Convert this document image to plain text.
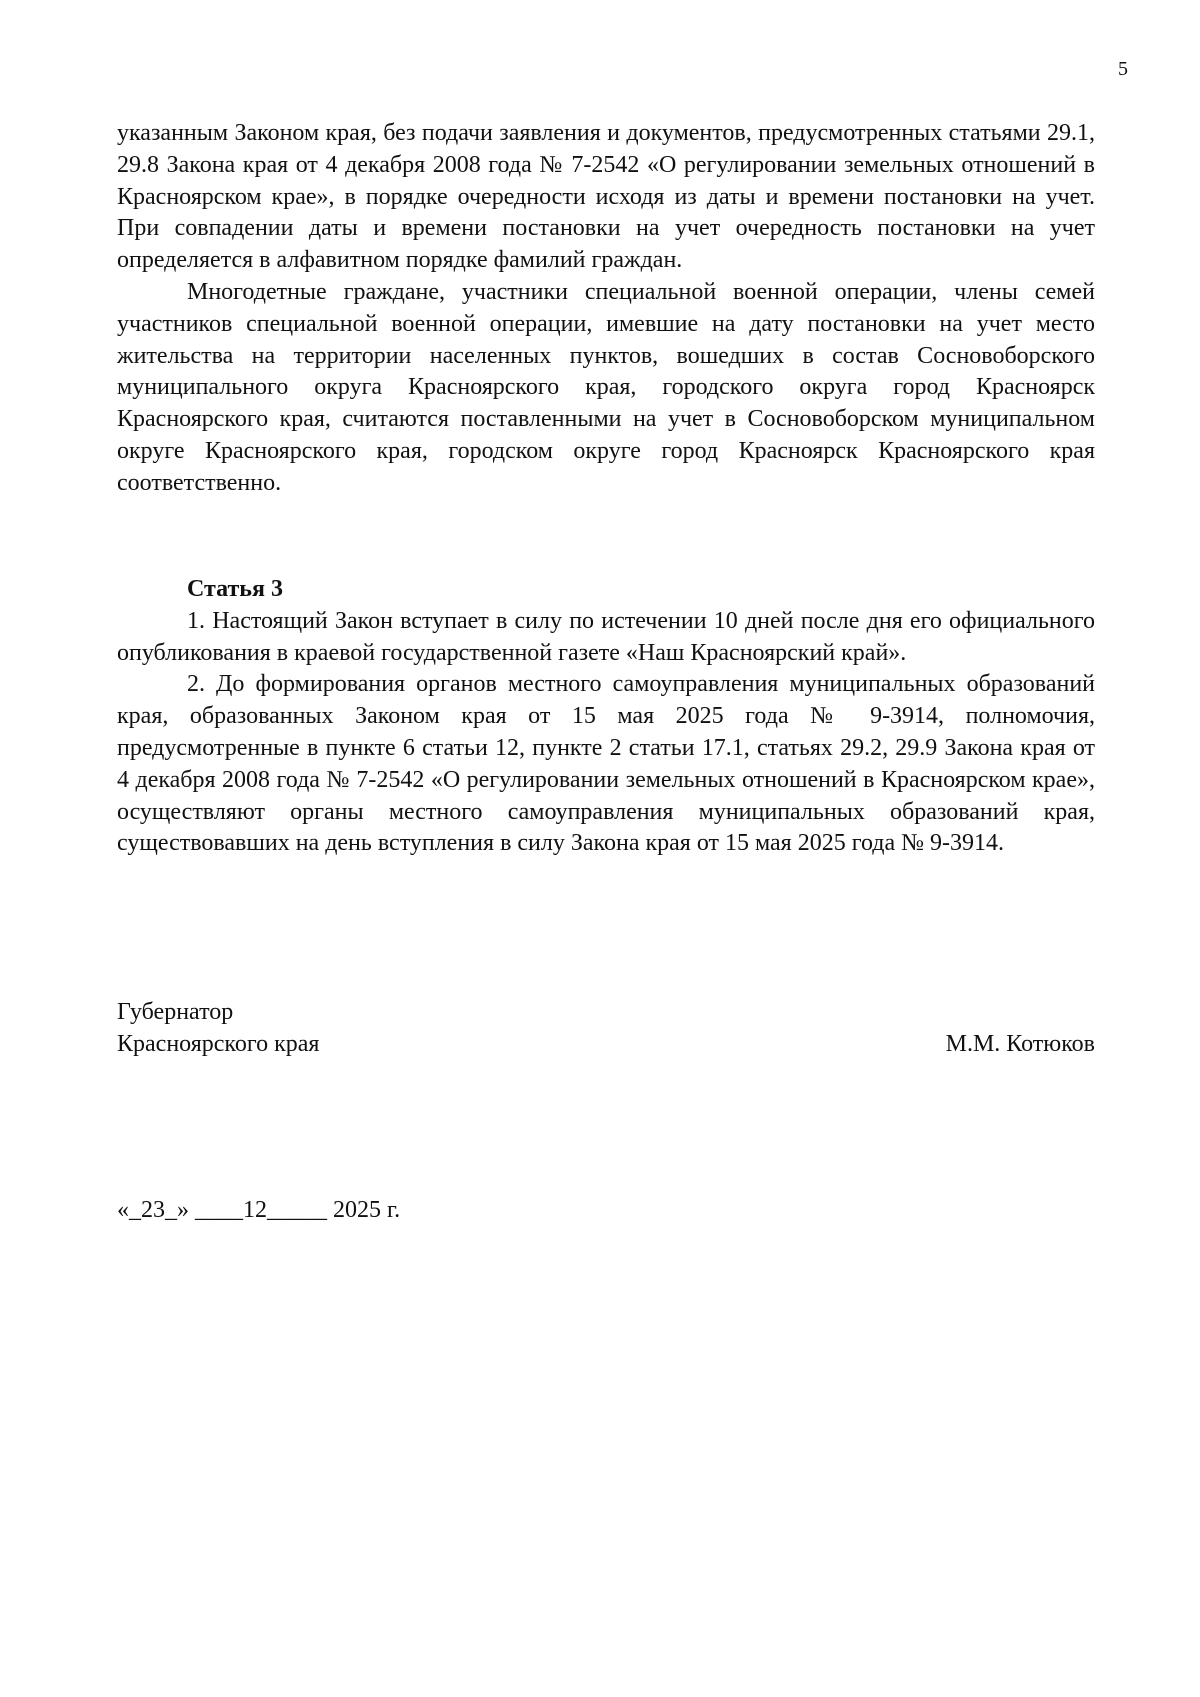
5

указанным Законом края, без подачи заявления и документов, предусмотренных статьями 29.1, 29.8 Закона края от 4 декабря 2008 года № 7-2542 «О регулировании земельных отношений в Красноярском крае», в порядке очередности исходя из даты и времени постановки на учет. При совпадении даты и времени постановки на учет очередность постановки на учет определяется в алфавитном порядке фамилий граждан.

Многодетные граждане, участники специальной военной операции, члены семей участников специальной военной операции, имевшие на дату постановки на учет место жительства на территории населенных пунктов, вошедших в состав Сосновоборского муниципального округа Красноярского края, городского округа город Красноярск Красноярского края, считаются поставленными на учет в Сосновоборском муниципальном округе Красноярского края, городском округе город Красноярск Красноярского края соответственно.

Статья 3

1. Настоящий Закон вступает в силу по истечении 10 дней после дня его официального опубликования в краевой государственной газете «Наш Красноярский край».

2. До формирования органов местного самоуправления муниципальных образований края, образованных Законом края от 15 мая 2025 года № 9-3914, полномочия, предусмотренные в пункте 6 статьи 12, пункте 2 статьи 17.1, статьях 29.2, 29.9 Закона края от 4 декабря 2008 года № 7-2542 «О регулировании земельных отношений в Красноярском крае», осуществляют органы местного самоуправления муниципальных образований края, существовавших на день вступления в силу Закона края от 15 мая 2025 года № 9-3914.

Губернатор
Красноярского края	М.М. Котюков
«_23_» ____12_____ 2025 г.
